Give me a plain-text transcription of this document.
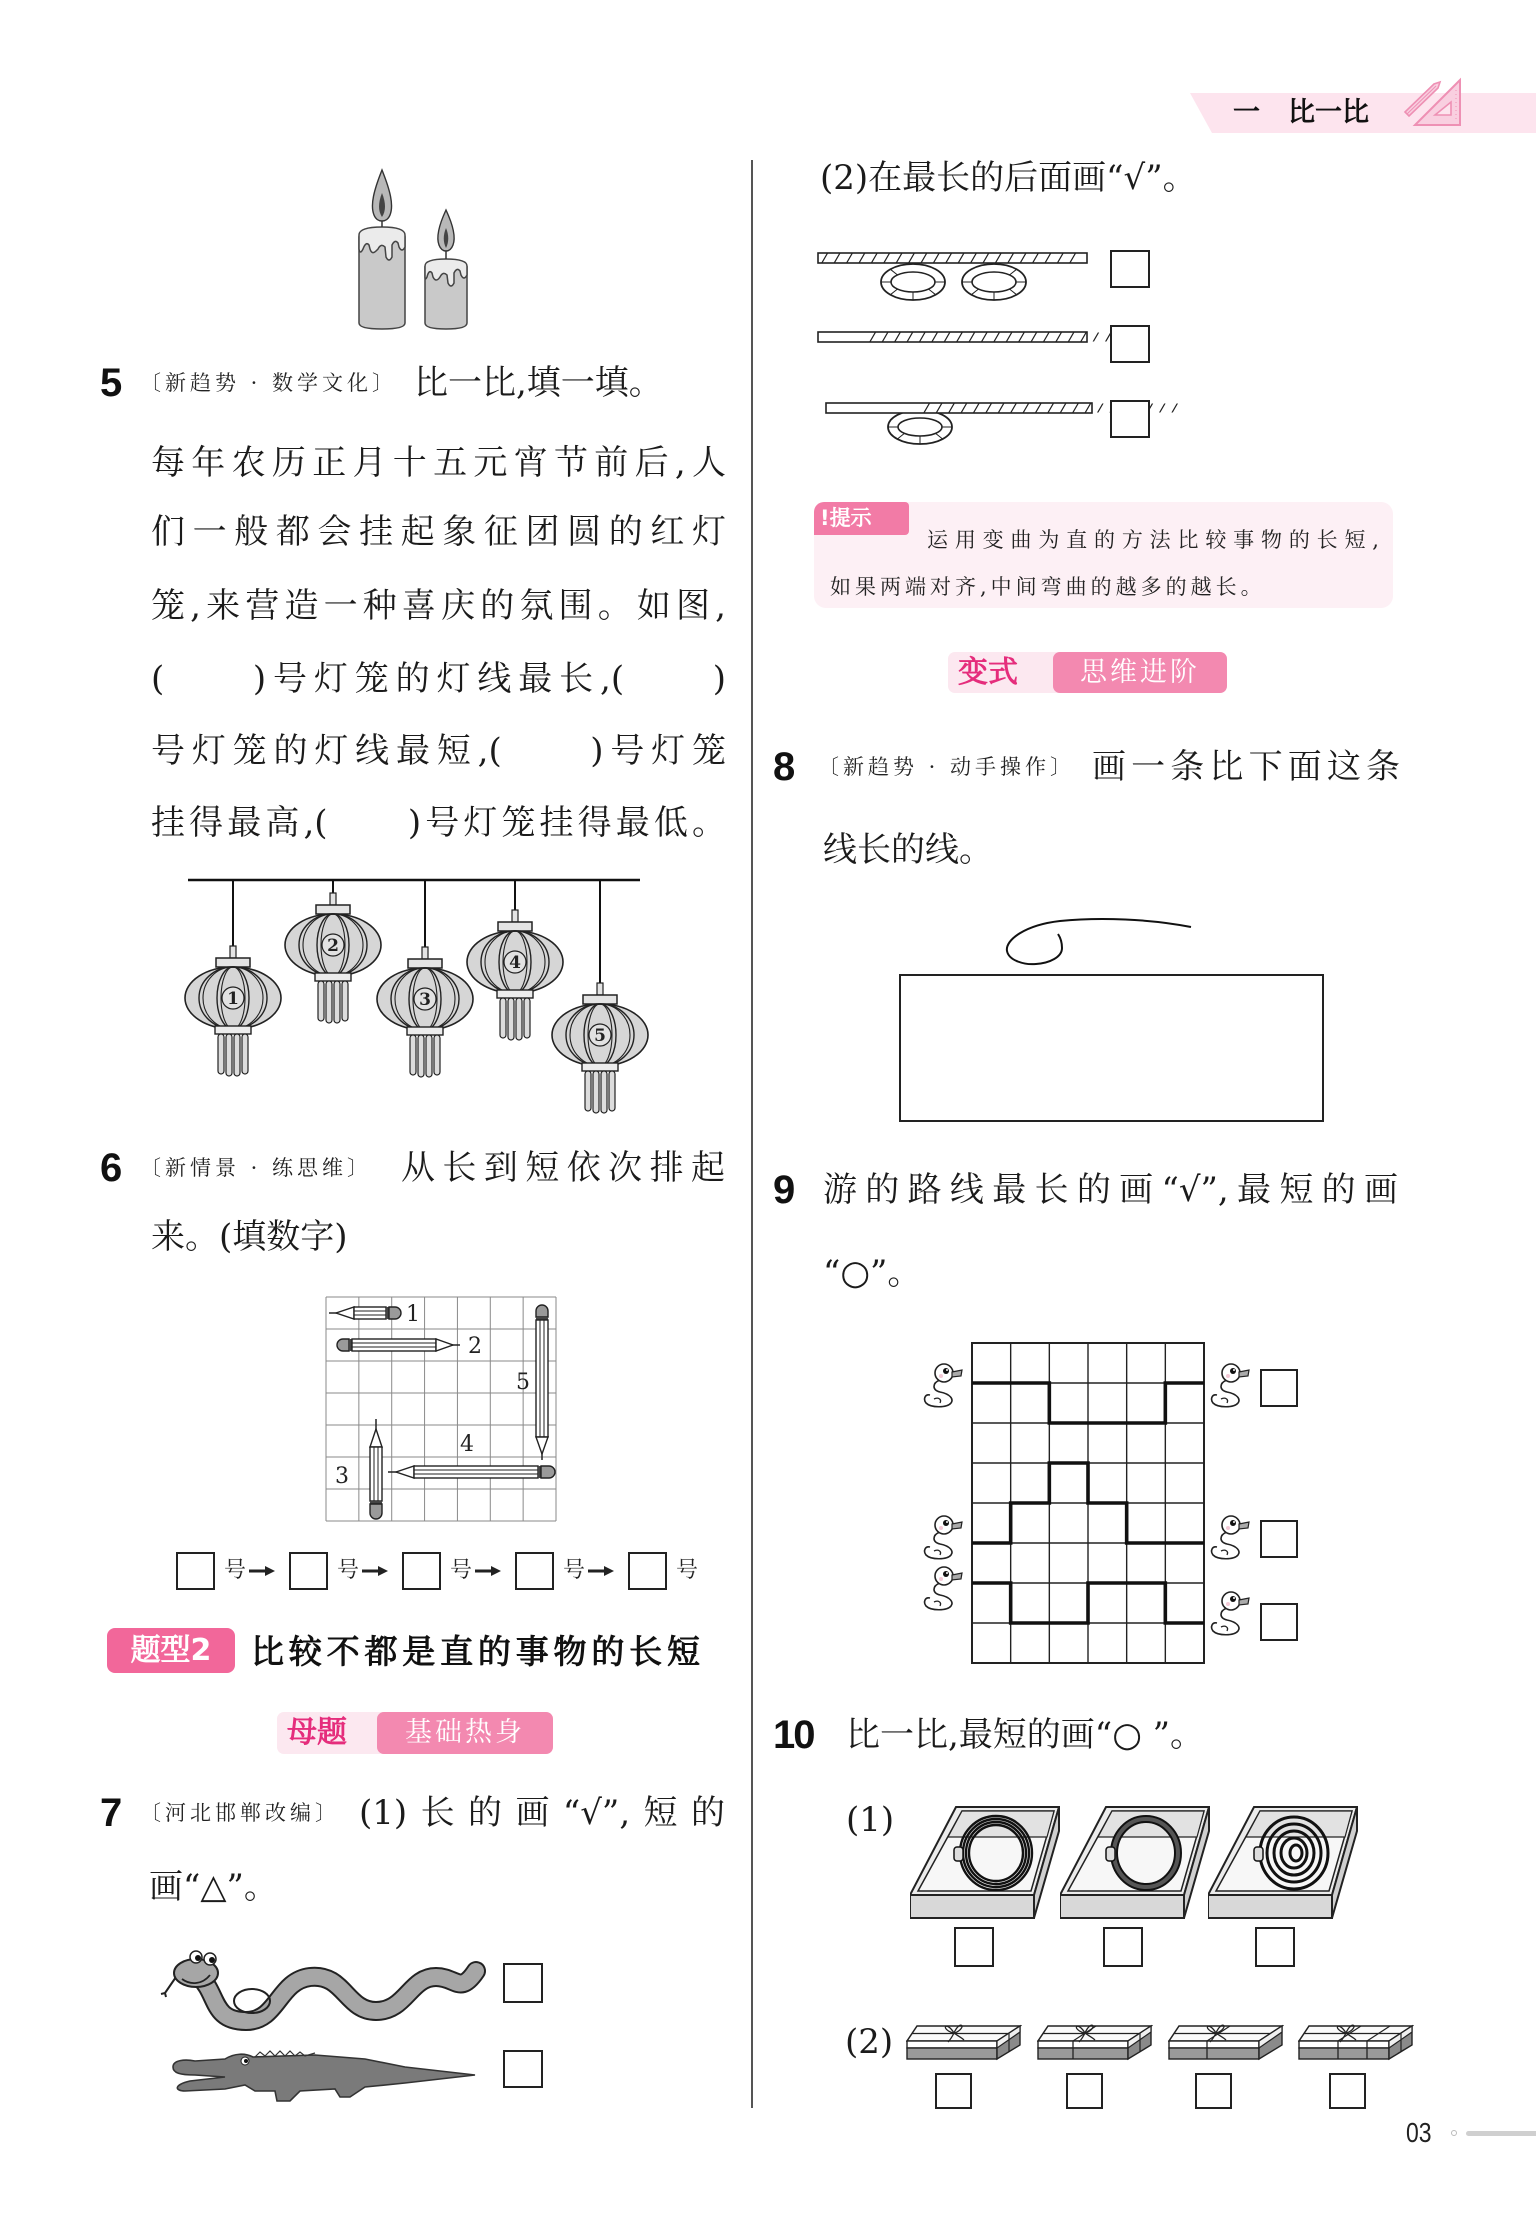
一 比一比
5 〔新趋势 · 数学文化〕 比一比,填一填。
每年农历正月十五元宵节前后,人
们一般都会挂起象征团圆的红灯
笼,来营造一种喜庆的氛围。如图,
(　　)号灯笼的灯线最长,(　　)
号灯笼的灯线最短,(　　)号灯笼
挂得最高,(　　)号灯笼挂得最低。
1
2
3
4
5
6 〔新情景 · 练思维〕 从长到短依次排起
来。(填数字)
1
2
5
4
3
号	号	号	号	号
题型2	比较不都是直的事物的长短
母题	基础热身
7 〔河北邯郸改编〕 (1)长的画“√”,短的
画“△”。
(2)在最长的后面画“√”。
!提示
运用变曲为直的方法比较事物的长短,
如果两端对齐,中间弯曲的越多的越长。
变式	思维进阶
8 〔新趋势 · 动手操作〕 画一条比下面这条
线长的线。
9 游的路线最长的画“√”,最短的画
“○”。
10 比一比,最短的画“○ ”。
(1)
(2)
03
